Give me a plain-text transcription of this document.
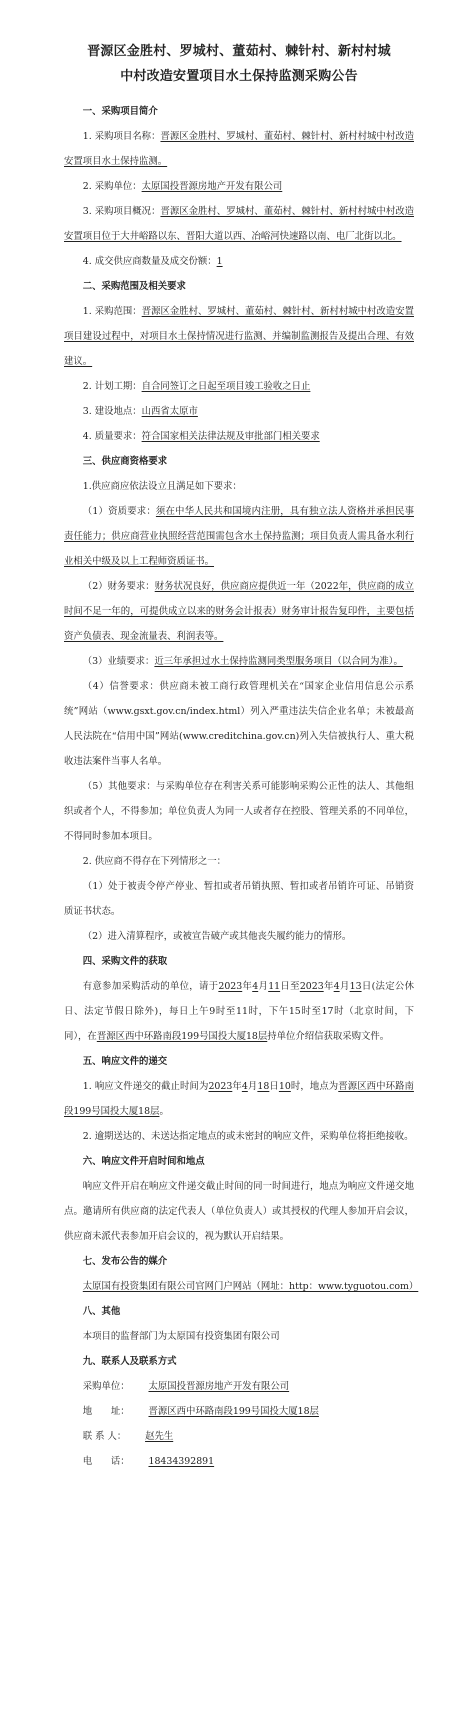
晋源区金胜村、罗城村、董茹村、棘针村、新村村城
中村改造安置项目水土保持监测采购公告

一、采购项目简介

1. 采购项目名称：晋源区金胜村、罗城村、董茹村、棘针村、新村村城中村改造安置项目水土保持监测。

2. 采购单位：太原国投晋源房地产开发有限公司

3. 采购项目概况：晋源区金胜村、罗城村、董茹村、棘针村、新村村城中村改造安置项目位于大井峪路以东、晋阳大道以西、冶峪河快速路以南、电厂北街以北。

4. 成交供应商数量及成交份额：1

二、采购范围及相关要求

1. 采购范围：晋源区金胜村、罗城村、董茹村、棘针村、新村村城中村改造安置项目建设过程中，对项目水土保持情况进行监测、并编制监测报告及提出合理、有效建议。

2. 计划工期：自合同签订之日起至项目竣工验收之日止

3. 建设地点：山西省太原市

4. 质量要求：符合国家相关法律法规及审批部门相关要求

三、供应商资格要求

1.供应商应依法设立且满足如下要求：

（1）资质要求：须在中华人民共和国境内注册，具有独立法人资格并承担民事责任能力；供应商营业执照经营范围需包含水土保持监测；项目负责人需具备水利行业相关中级及以上工程师资质证书。

（2）财务要求：财务状况良好，供应商应提供近一年（2022年，供应商的成立时间不足一年的，可提供成立以来的财务会计报表）财务审计报告复印件，主要包括资产负债表、现金流量表、利润表等。

（3）业绩要求：近三年承担过水土保持监测同类型服务项目（以合同为准）。

（4）信誉要求：供应商未被工商行政管理机关在“国家企业信用信息公示系统”网站（www.gsxt.gov.cn/index.html）列入严重违法失信企业名单；未被最高人民法院在“信用中国”网站(www.creditchina.gov.cn)列入失信被执行人、重大税收违法案件当事人名单。

（5）其他要求：与采购单位存在利害关系可能影响采购公正性的法人、其他组织或者个人，不得参加；单位负责人为同一人或者存在控股、管理关系的不同单位，不得同时参加本项目。

2. 供应商不得存在下列情形之一：

（1）处于被责令停产停业、暂扣或者吊销执照、暂扣或者吊销许可证、吊销资质证书状态。

（2）进入清算程序，或被宣告破产或其他丧失履约能力的情形。

四、采购文件的获取

有意参加采购活动的单位，请于2023年4月11日至2023年4月13日(法定公休日、法定节假日除外)，每日上午9时至11时，下午15时至17时（北京时间，下同），在晋源区西中环路南段199号国投大厦18层持单位介绍信获取采购文件。

五、响应文件的递交

1. 响应文件递交的截止时间为2023年4月18日10时，地点为晋源区西中环路南段199号国投大厦18层。

2. 逾期送达的、未送达指定地点的或未密封的响应文件，采购单位将拒绝接收。

六、响应文件开启时间和地点

响应文件开启在响应文件递交截止时间的同一时间进行，地点为响应文件递交地点。邀请所有供应商的法定代表人（单位负责人）或其授权的代理人参加开启会议，供应商未派代表参加开启会议的，视为默认开启结果。

七、发布公告的媒介

太原国有投资集团有限公司官网门户网站（网址：http：www.tyguotou.com）

八、其他

本项目的监督部门为太原国有投资集团有限公司

九、联系人及联系方式

采购单位：	太原国投晋源房地产开发有限公司
地　　址：	晋源区西中环路南段199号国投大厦18层
联 系 人：	赵先生
电　　话：	18434392891
